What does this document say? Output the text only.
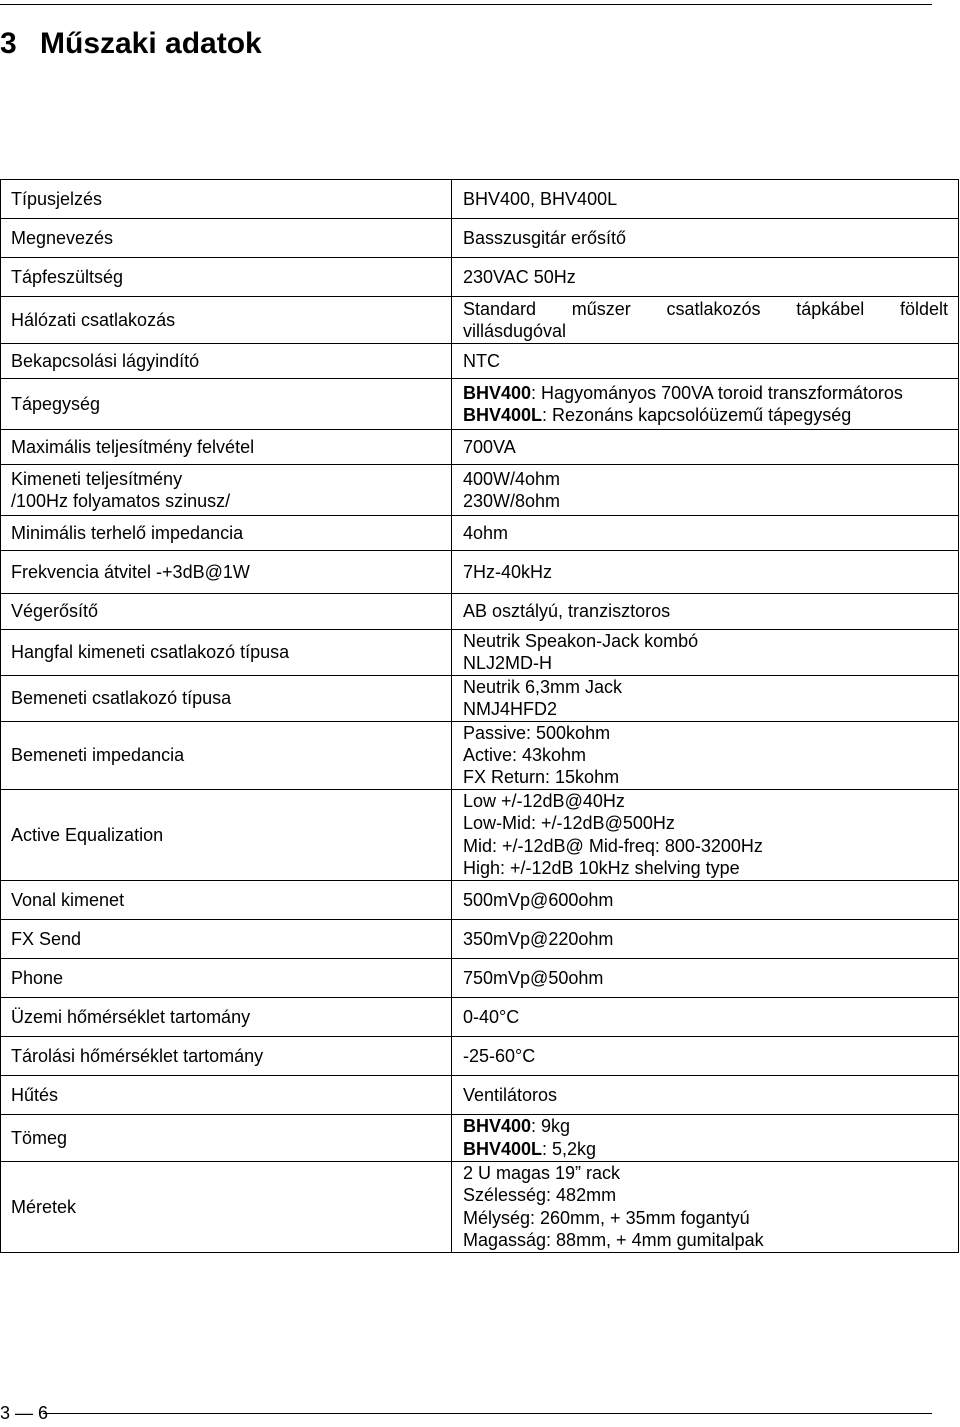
3 Műszaki adatok
Típusjelzés	BHV400, BHV400L

Megnevezés	Basszusgitár erősítő

Tápfeszültség	230VAC 50Hz

Hálózati csatlakozás	Standard műszer csatlakozós tápkábel földelt
villásdugóval

Bekapcsolási lágyindító	NTC

Tápegység	BHV400: Hagyományos 700VA toroid transzformátoros
BHV400L: Rezonáns kapcsolóüzemű tápegység

Maximális teljesítmény felvétel	700VA

Kimeneti teljesítmény
/100Hz folyamatos szinusz/	400W/4ohm
230W/8ohm

Minimális terhelő impedancia	4ohm

Frekvencia átvitel -+3dB@1W	7Hz-40kHz

Végerősítő	AB osztályú, tranzisztoros

Hangfal kimeneti csatlakozó típusa	Neutrik Speakon-Jack kombó
NLJ2MD-H

Bemeneti csatlakozó típusa	Neutrik 6,3mm Jack
NMJ4HFD2

Bemeneti impedancia	Passive: 500kohm
Active: 43kohm
FX Return: 15kohm

Active Equalization	Low +/-12dB@40Hz
Low-Mid: +/-12dB@500Hz
Mid: +/-12dB@ Mid-freq: 800-3200Hz
High: +/-12dB 10kHz shelving type

Vonal kimenet	500mVp@600ohm

FX Send	350mVp@220ohm

Phone	750mVp@50ohm

Üzemi hőmérséklet tartomány	0-40°C

Tárolási hőmérséklet tartomány	-25-60°C

Hűtés	Ventilátoros

Tömeg	BHV400: 9kg
BHV400L: 5,2kg

Méretek	2 U magas 19” rack
Szélesség: 482mm
Mélység: 260mm, + 35mm fogantyú
Magasság: 88mm, + 4mm gumitalpak
3 — 6
